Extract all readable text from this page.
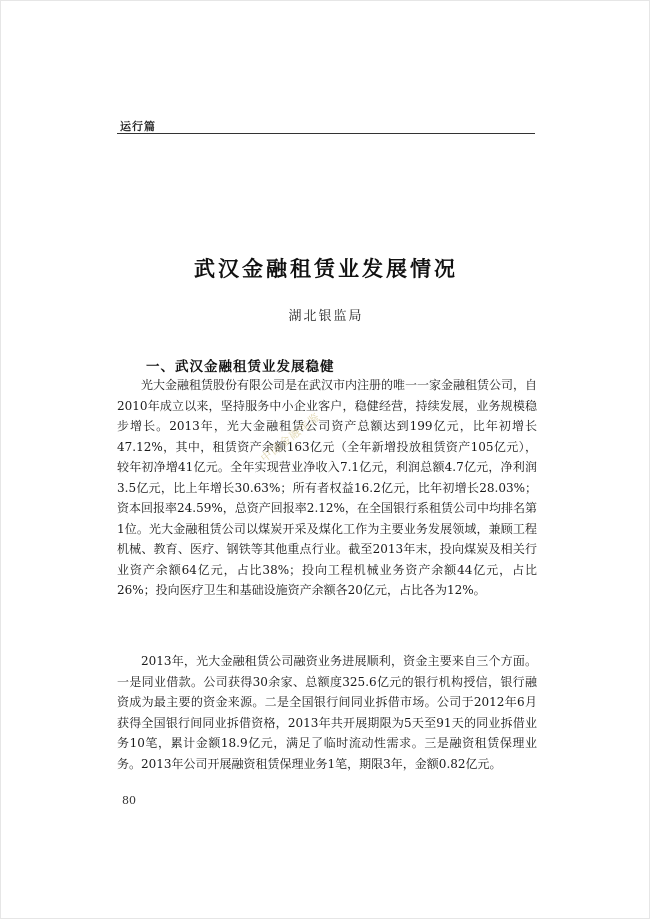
运行篇
武汉金融租赁业发展情况
湖北银监局
一、武汉金融租赁业发展稳健

光大金融租赁股份有限公司是在武汉市内注册的唯一一家金融租赁公司，自2010年成立以来，坚持服务中小企业客户，稳健经营，持续发展，业务规模稳步增长。2013年，光大金融租赁公司资产总额达到199亿元，比年初增长47.12%，其中，租赁资产余额163亿元（全年新增投放租赁资产105亿元），较年初净增41亿元。全年实现营业净收入7.1亿元，利润总额4.7亿元，净利润3.5亿元，比上年增长30.63%；所有者权益16.2亿元，比年初增长28.03%；资本回报率24.59%，总资产回报率2.12%，在全国银行系租赁公司中均排名第1位。光大金融租赁公司以煤炭开采及煤化工作为主要业务发展领域，兼顾工程机械、教育、医疗、钢铁等其他重点行业。截至2013年末，投向煤炭及相关行业资产余额64亿元，占比38%；投向工程机械业务资产余额44亿元，占比26%；投向医疗卫生和基础设施资产余额各20亿元，占比各为12%。

2013年，光大金融租赁公司融资业务进展顺利，资金主要来自三个方面。一是同业借款。公司获得30余家、总额度325.6亿元的银行机构授信，银行融资成为最主要的资金来源。二是全国银行间同业拆借市场。公司于2012年6月获得全国银行间同业拆借资格，2013年共开展期限为5天至91天的同业拆借业务10笔，累计金额18.9亿元，满足了临时流动性需求。三是融资租赁保理业务。2013年公司开展融资租赁保理业务1笔，期限3年，金额0.82亿元。

中国金融年鉴
80
